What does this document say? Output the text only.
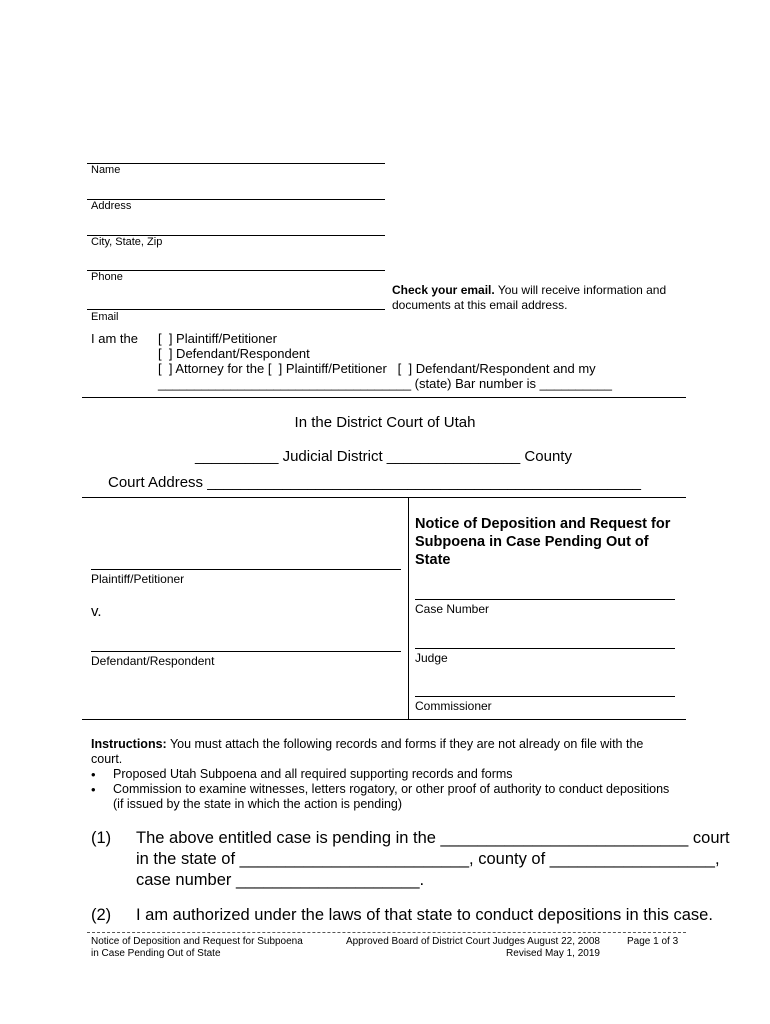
Name
Address
City, State, Zip
Phone
Email
Check your email. You will receive information and
documents at this email address.
I am the [  ] Plaintiff/Petitioner
[  ] Defendant/Respondent
[  ] Attorney for the [  ] Plaintiff/Petitioner   [  ] Defendant/Respondent and my
___________________________________ (state) Bar number is __________
In the District Court of Utah
__________ Judicial District ________________ County
Court Address ____________________________________________________
Plaintiff/Petitioner
v.
Defendant/Respondent
Notice of Deposition and Request for Subpoena in Case Pending Out of State
Case Number
Judge
Commissioner
Instructions: You must attach the following records and forms if they are not already on file with the
court.
• Proposed Utah Subpoena and all required supporting records and forms
• Commission to examine witnesses, letters rogatory, or other proof of authority to conduct depositions
(if issued by the state in which the action is pending)
(1) The above entitled case is pending in the ___________________________ court
in the state of _________________________, county of __________________,
case number ____________________.
(2) I am authorized under the laws of that state to conduct depositions in this case.
Notice of Deposition and Request for Subpoena
in Case Pending Out of State
Approved Board of District Court Judges August 22, 2008
Revised May 1, 2019
Page 1 of 3
